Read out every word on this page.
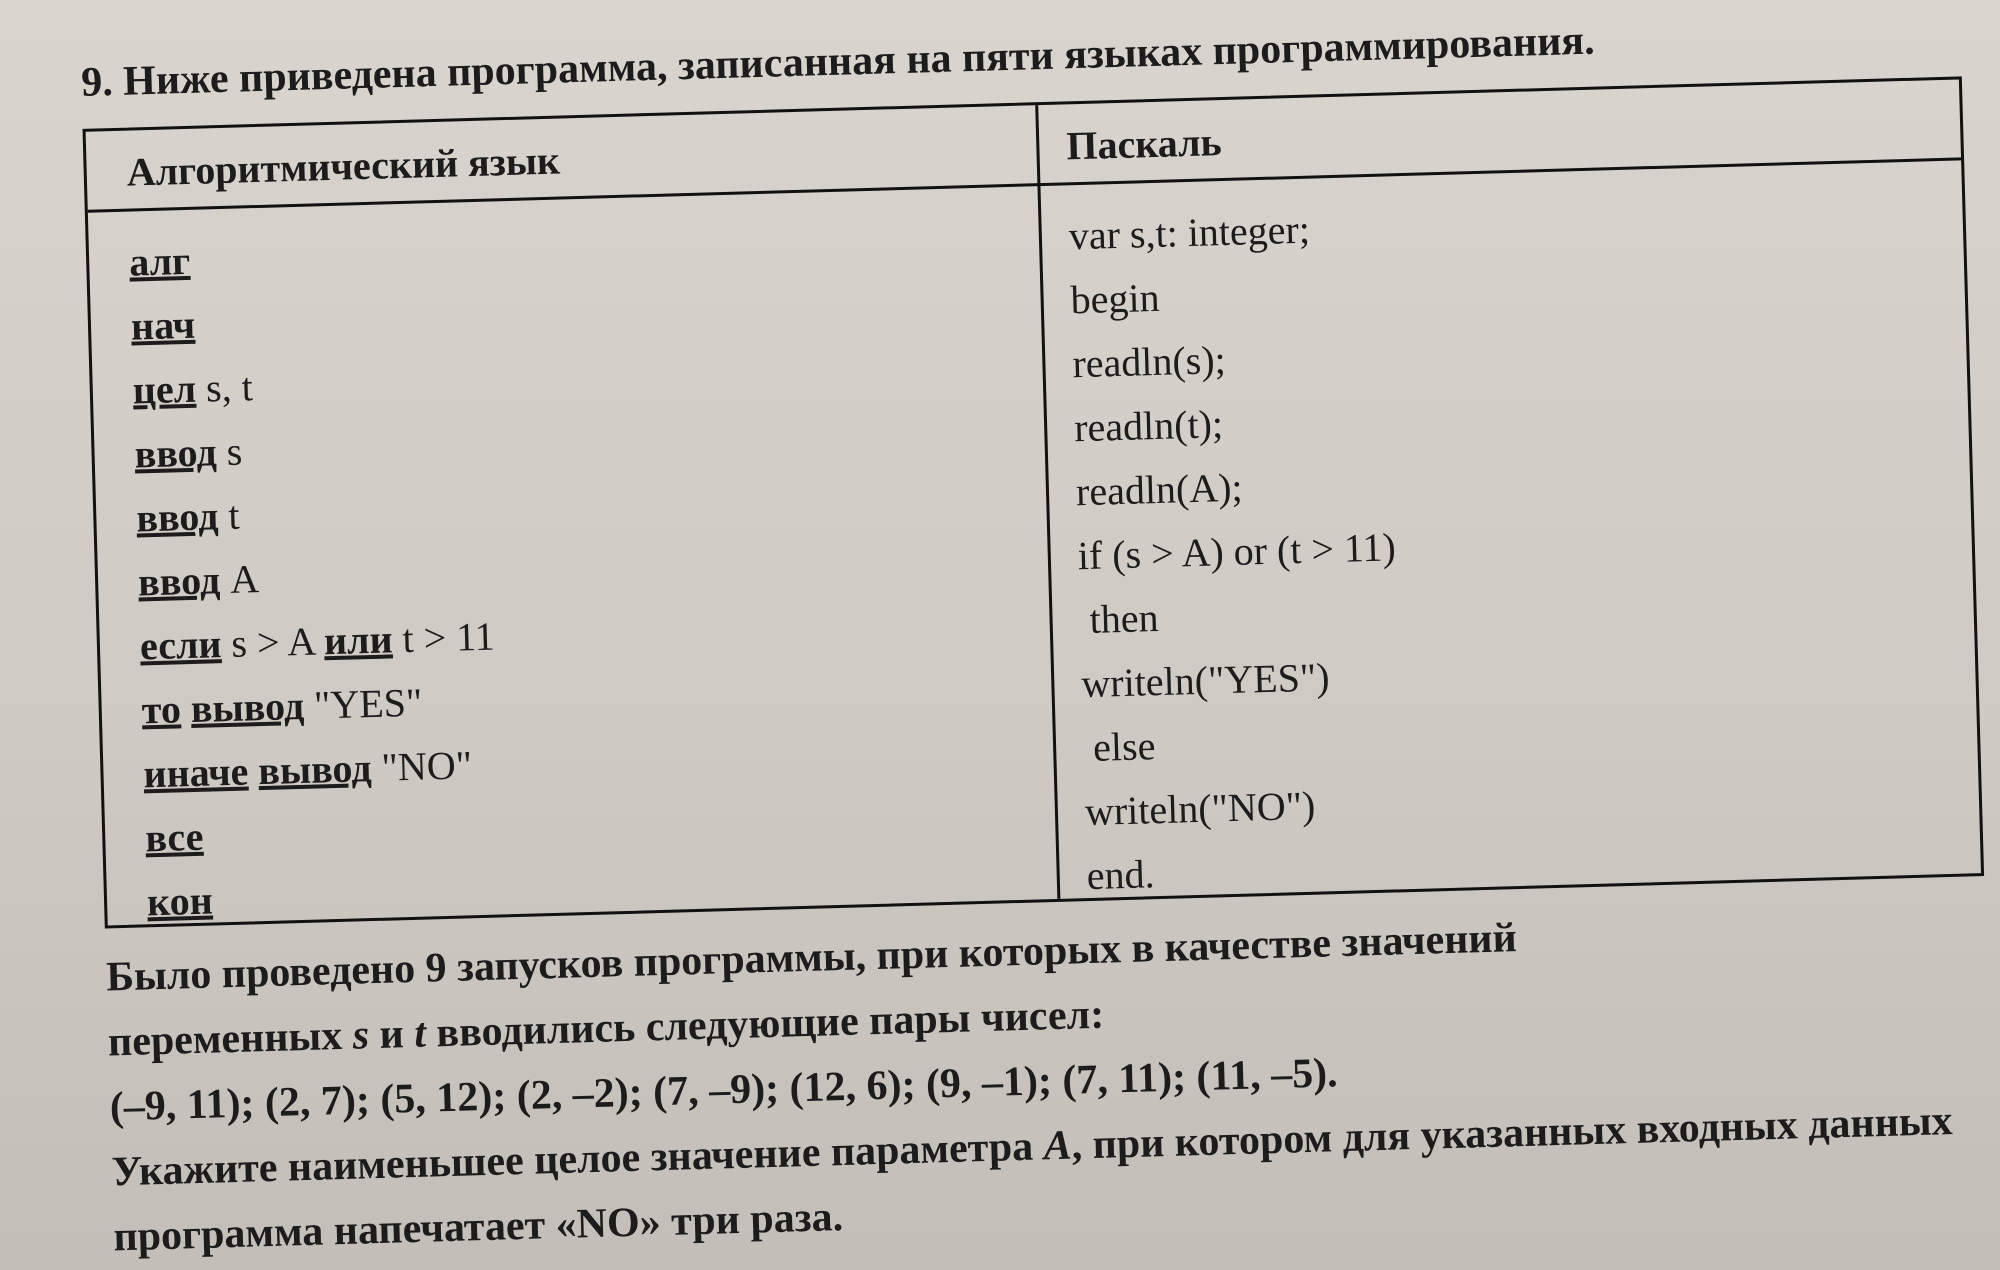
9. Ниже приведена программа, записанная на пяти языках программирования.
Алгоритмический язык	Паскаль
алг
нач
цел s, t
ввод s
ввод t
ввод A
если s > A или t > 11
то вывод "YES"
иначе вывод "NO"
все
кон
var s,t: integer;
begin
readln(s);
readln(t);
readln(A);
if (s > A) or (t > 11)
then
writeln("YES")
else
writeln("NO")
end.
Было проведено 9 запусков программы, при которых в качестве значений
переменных s и t вводились следующие пары чисел:
(–9, 11); (2, 7); (5, 12); (2, –2); (7, –9); (12, 6); (9, –1); (7, 11); (11, –5).
Укажите наименьшее целое значение параметра A, при котором для указанных входных данных
программа напечатает «NO» три раза.
